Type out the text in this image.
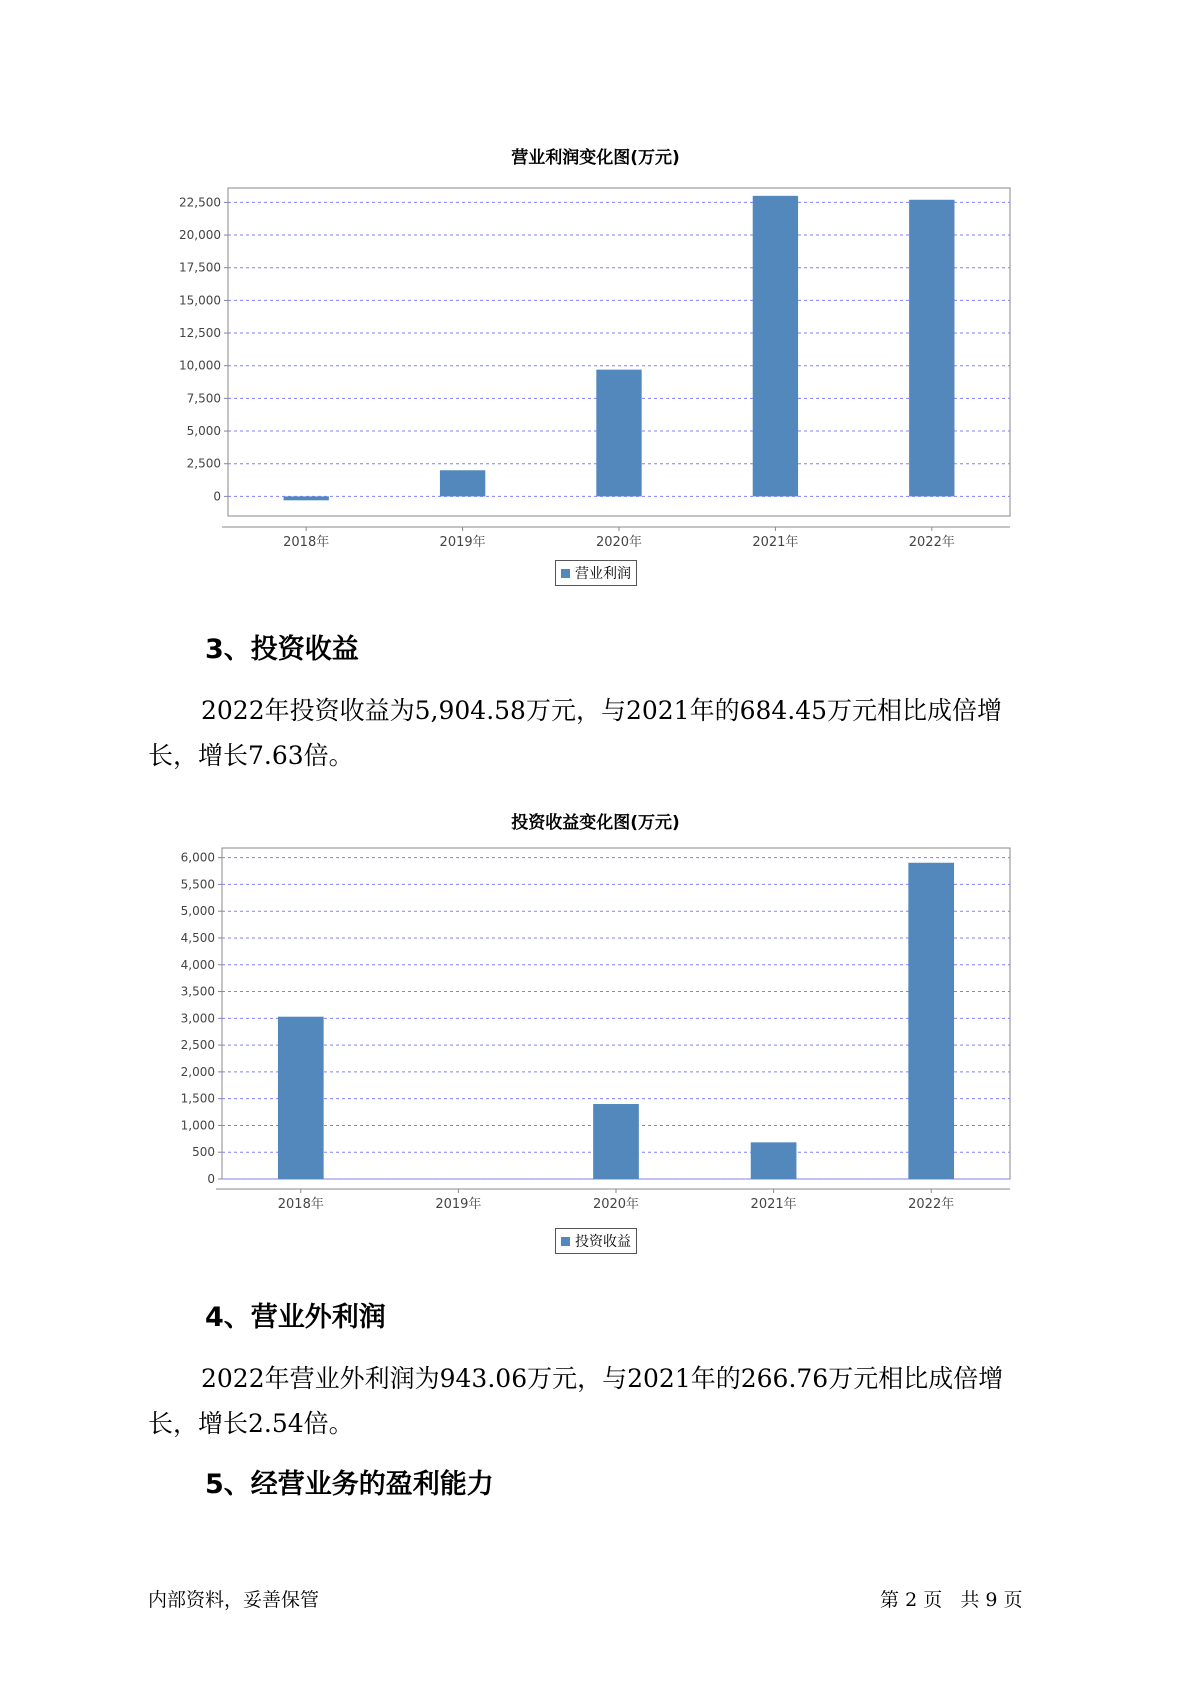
营业利润变化图(万元)
0
2,500
5,000
7,500
10,000
12,500
15,000
17,500
20,000
22,500
2018年	2019年	2020年	2021年	2022年
营业利润
3、投资收益
2022年投资收益为5,904.58万元，与2021年的684.45万元相比成倍增
长，增长7.63倍。
投资收益变化图(万元)
0
500
1,000
1,500
2,000
2,500
3,000
3,500
4,000
4,500
5,000
5,500
6,000
2018年	2019年	2020年	2021年	2022年
投资收益
4、营业外利润
2022年营业外利润为943.06万元，与2021年的266.76万元相比成倍增
长，增长2.54倍。
5、经营业务的盈利能力
内部资料，妥善保管	第 2 页 共 9 页
